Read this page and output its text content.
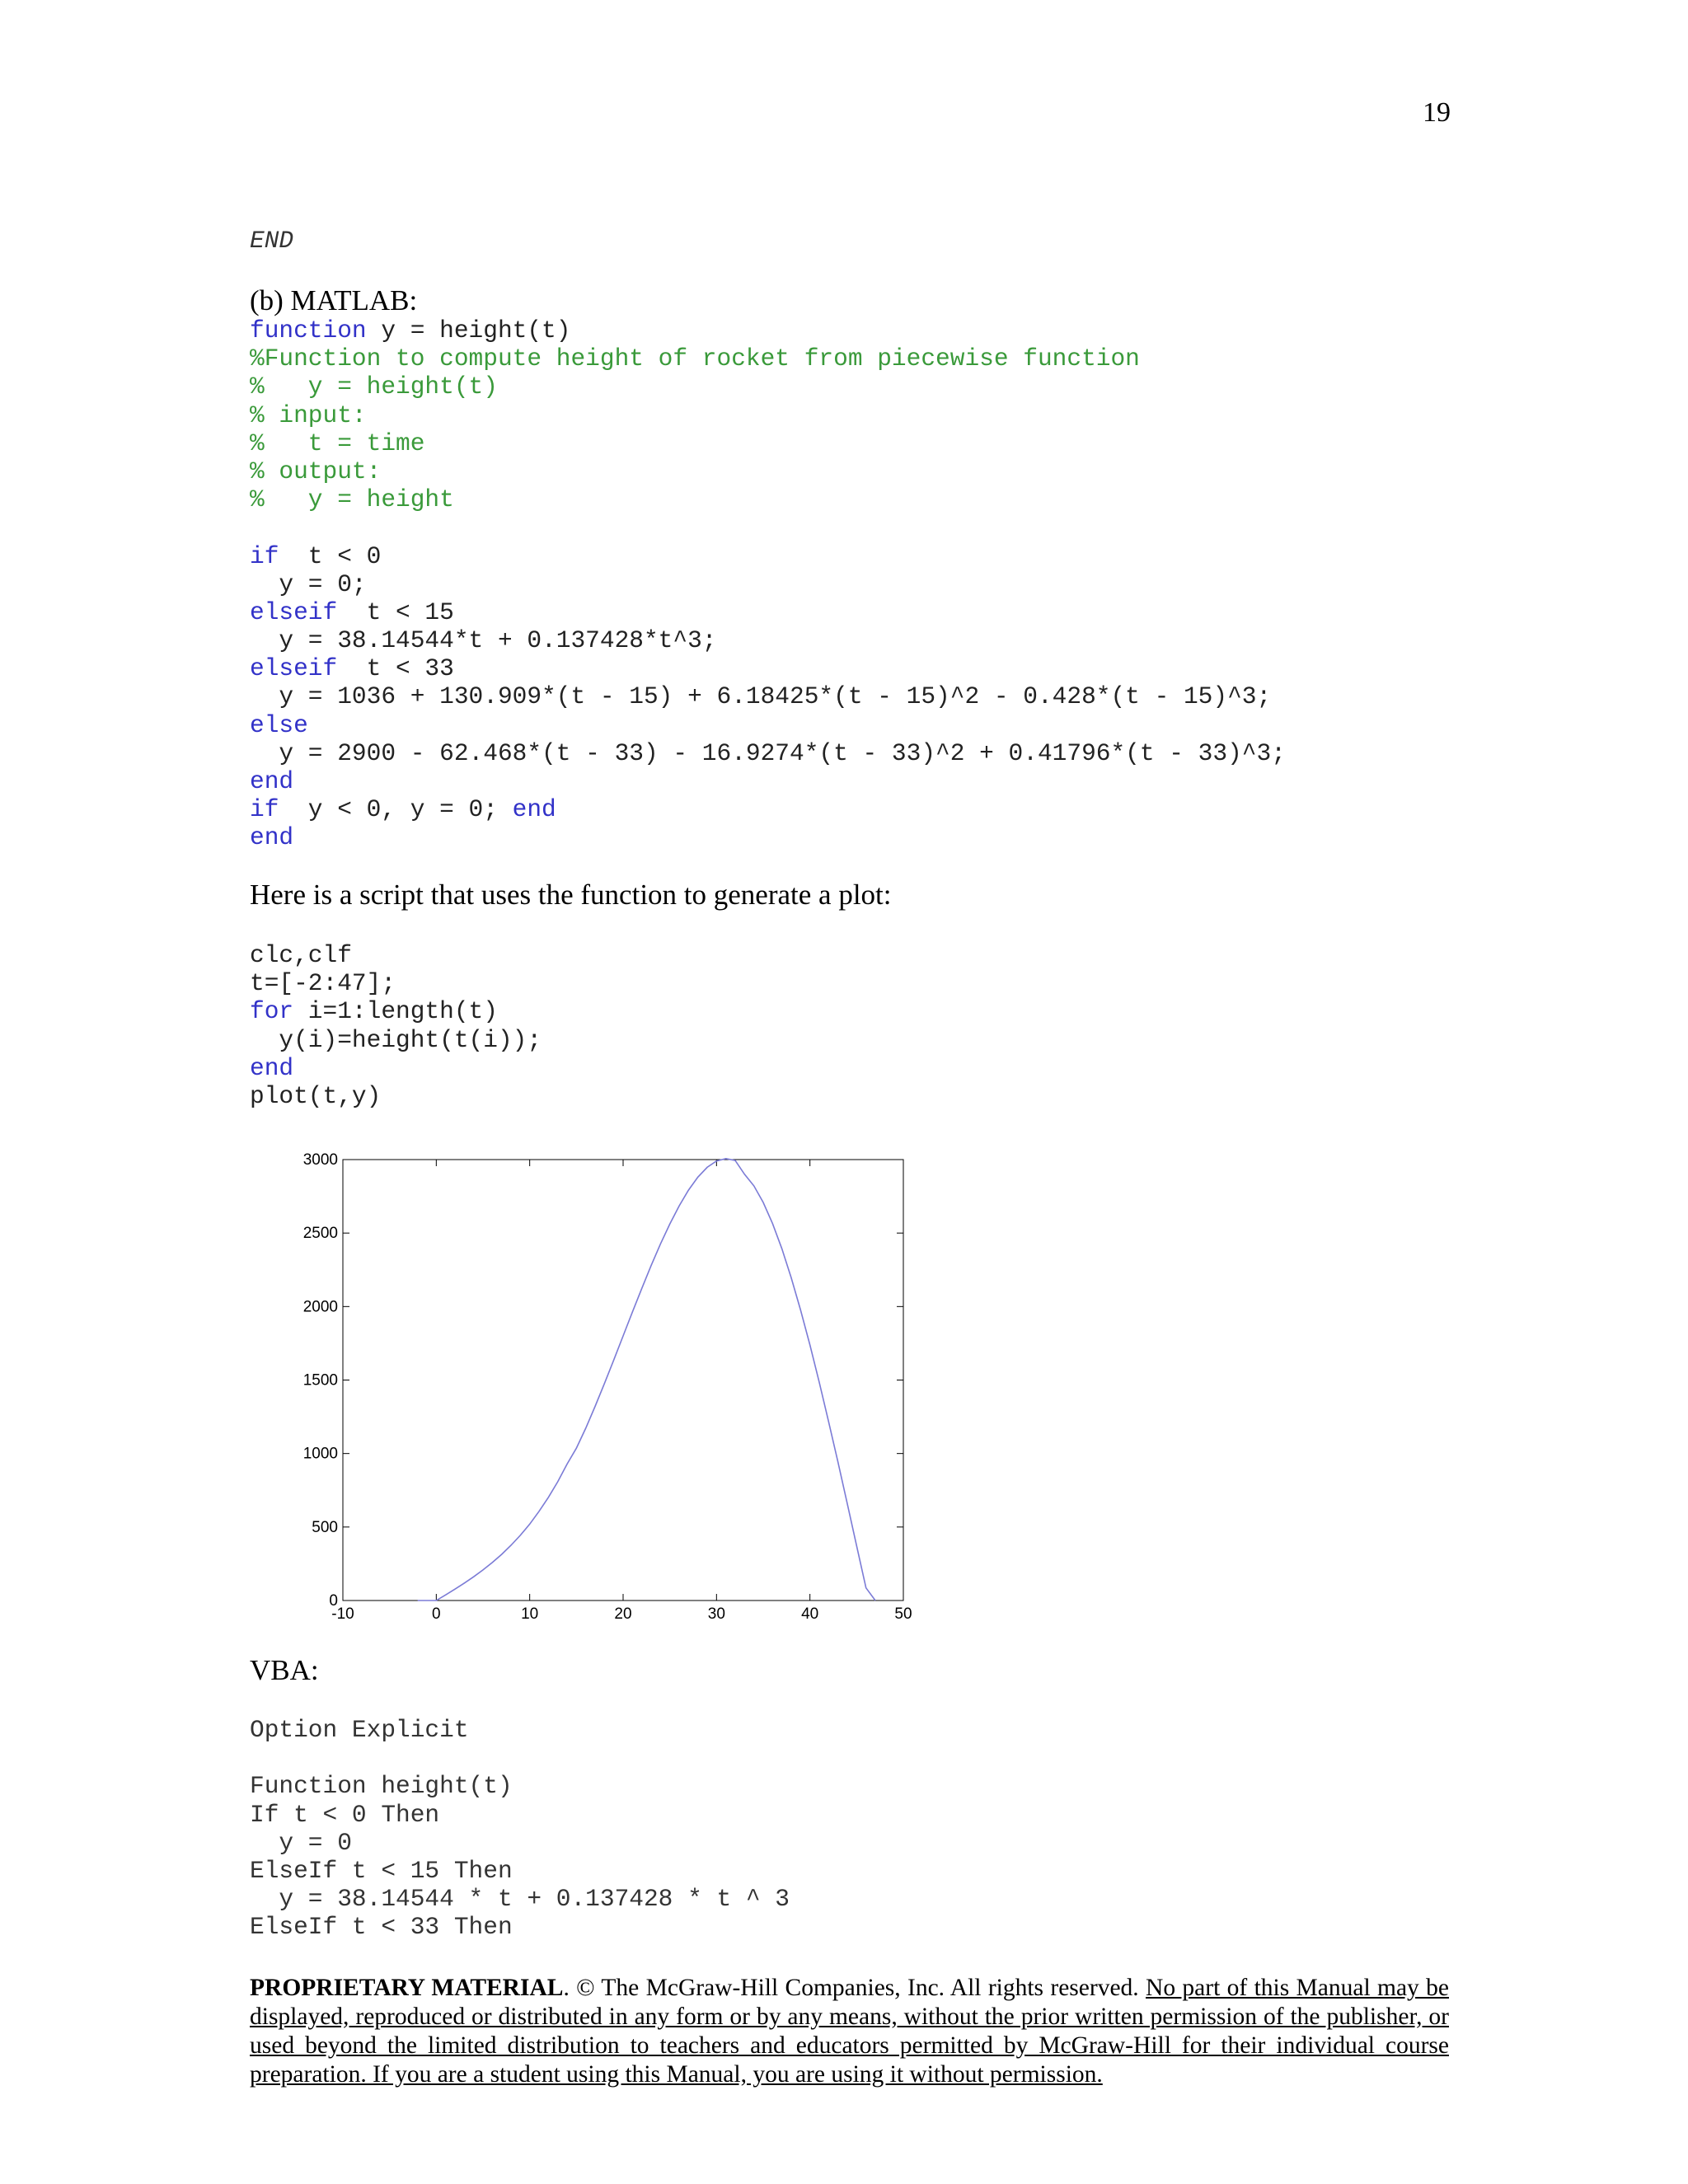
19
END
(b) MATLAB:
function y = height(t)
%Function to compute height of rocket from piecewise function
%   y = height(t)
% input:
%   t = time
% output:
%   y = height
if  t < 0
y = 0;
elseif  t < 15
y = 38.14544*t + 0.137428*t^3;
elseif  t < 33
y = 1036 + 130.909*(t - 15) + 6.18425*(t - 15)^2 - 0.428*(t - 15)^3;
else
y = 2900 - 62.468*(t - 33) - 16.9274*(t - 33)^2 + 0.41796*(t - 33)^3;
end
if  y < 0, y = 0; end
end
Here is a script that uses the function to generate a plot:
clc,clf
t=[-2:47];
for i=1:length(t)
y(i)=height(t(i));
end
plot(t,y)
-10	0	10	20	30	40	50
0
500
1000
1500
2000
2500
3000
VBA:
Option Explicit
Function height(t)
If t < 0 Then
y = 0
ElseIf t < 15 Then
y = 38.14544 * t + 0.137428 * t ^ 3
ElseIf t < 33 Then
PROPRIETARY MATERIAL. © The McGraw-Hill Companies, Inc. All rights reserved. No part of this Manual may be displayed, reproduced or distributed in any form or by any means, without the prior written permission of the publisher, or used beyond the limited distribution to teachers and educators permitted by McGraw-Hill for their individual course preparation. If you are a student using this Manual, you are using it without permission.
